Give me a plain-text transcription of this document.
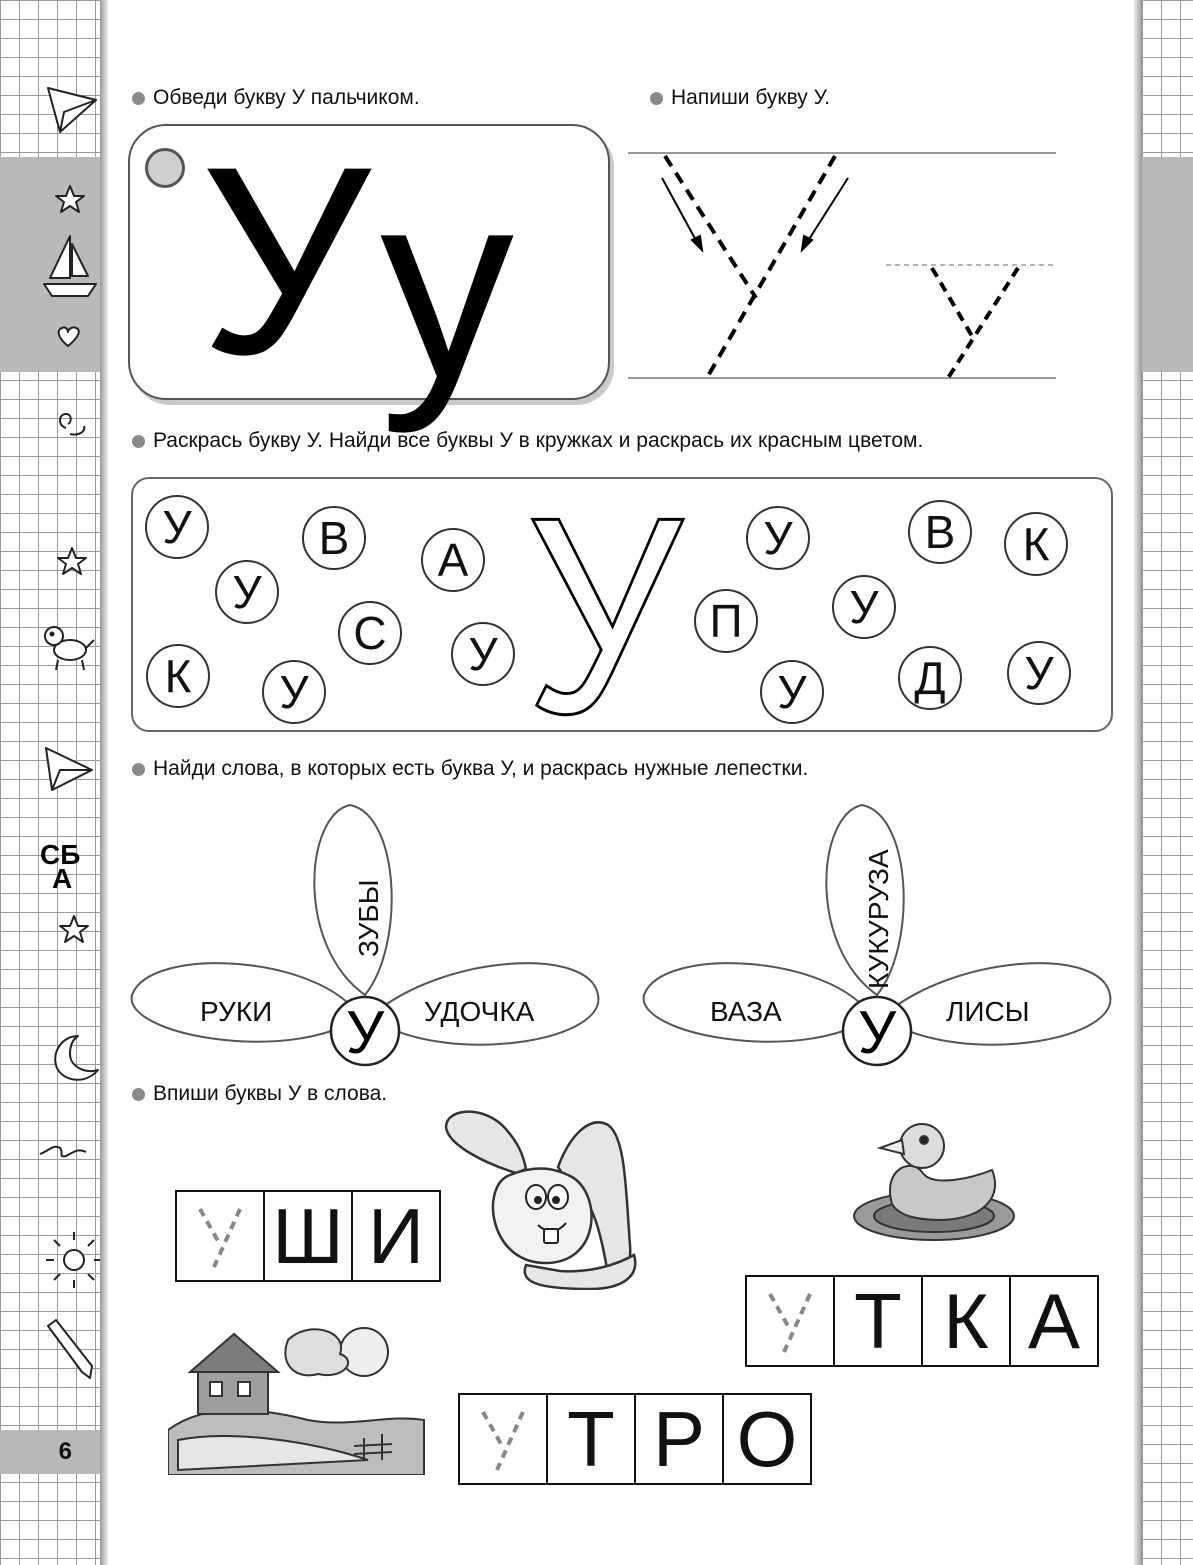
6
СБ
А
Обведи букву У пальчиком.
У у
Напиши букву У.
Раскрась букву У. Найди все буквы У в кружках и раскрась их красным цветом.
У
У	В	А
У
С
К	У
У
У	В	К
П	У
У	Д	У
Найди слова, в которых есть буква У, и раскрась нужные лепестки.
РУКИ
ЗУБЫ
УДОЧКА
У	ВАЗА
КУКУРУЗА
ЛИСЫ
У
Впиши буквы У в слова.
Ш И
Т К А
Т Р О
